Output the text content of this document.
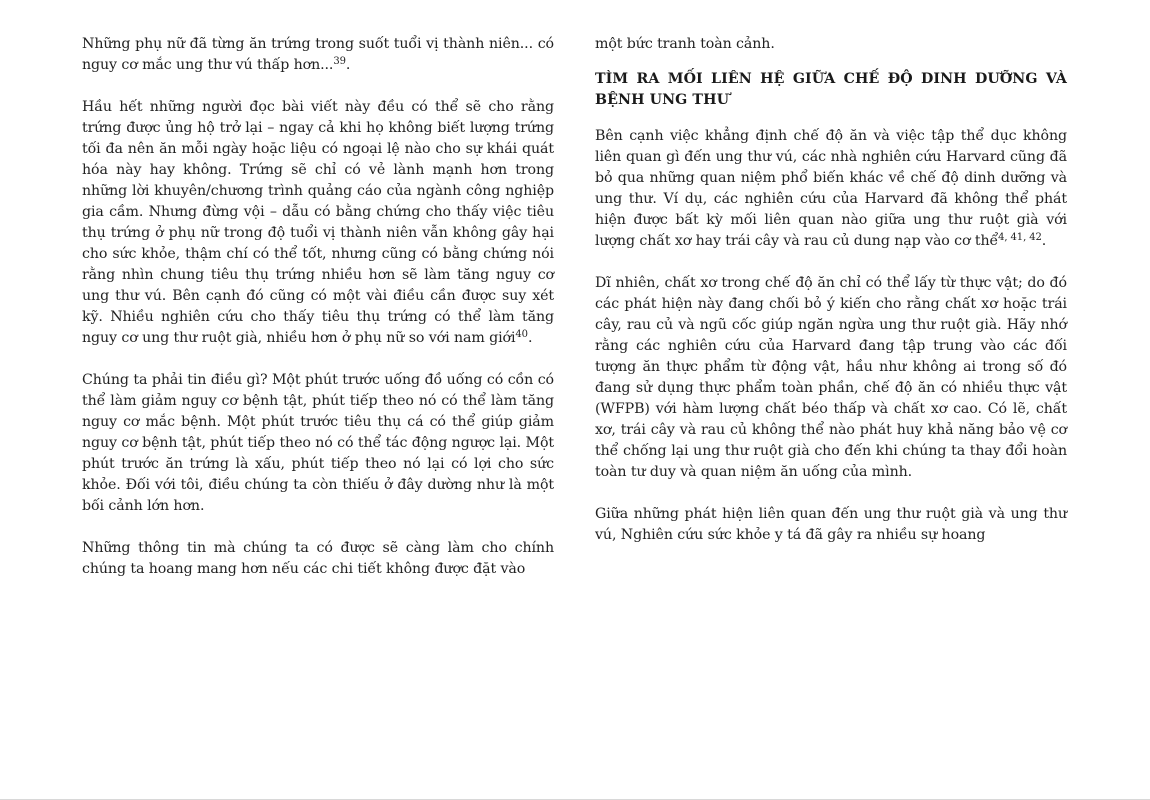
Những phụ nữ đã từng ăn trứng trong suốt tuổi vị thành niên... có nguy cơ mắc ung thư vú thấp hơn...$^{39}$.

Hầu hết những người đọc bài viết này đều có thể sẽ cho rằng trứng được ủng hộ trở lại – ngay cả khi họ không biết lượng trứng tối đa nên ăn mỗi ngày hoặc liệu có ngoại lệ nào cho sự khái quát hóa này hay không. Trứng sẽ chỉ có vẻ lành mạnh hơn trong những lời khuyên/chương trình quảng cáo của ngành công nghiệp gia cầm. Nhưng đừng vội – dẫu có bằng chứng cho thấy việc tiêu thụ trứng ở phụ nữ trong độ tuổi vị thành niên vẫn không gây hại cho sức khỏe, thậm chí có thể tốt, nhưng cũng có bằng chứng nói rằng nhìn chung tiêu thụ trứng nhiều hơn sẽ làm tăng nguy cơ ung thư vú. Bên cạnh đó cũng có một vài điều cần được suy xét kỹ. Nhiều nghiên cứu cho thấy tiêu thụ trứng có thể làm tăng nguy cơ ung thư ruột già, nhiều hơn ở phụ nữ so với nam giới$^{40}$.

Chúng ta phải tin điều gì? Một phút trước uống đồ uống có cồn có thể làm giảm nguy cơ bệnh tật, phút tiếp theo nó có thể làm tăng nguy cơ mắc bệnh. Một phút trước tiêu thụ cá có thể giúp giảm nguy cơ bệnh tật, phút tiếp theo nó có thể tác động ngược lại. Một phút trước ăn trứng là xấu, phút tiếp theo nó lại có lợi cho sức khỏe. Đối với tôi, điều chúng ta còn thiếu ở đây dường như là một bối cảnh lớn hơn.

Những thông tin mà chúng ta có được sẽ càng làm cho chính chúng ta hoang mang hơn nếu các chi tiết không được đặt vào

một bức tranh toàn cảnh.

TÌM RA MỐI LIÊN HỆ GIỮA CHẾ ĐỘ DINH DƯỠNG VÀ BỆNH UNG THƯ

Bên cạnh việc khẳng định chế độ ăn và việc tập thể dục không liên quan gì đến ung thư vú, các nhà nghiên cứu Harvard cũng đã bỏ qua những quan niệm phổ biến khác về chế độ dinh dưỡng và ung thư. Ví dụ, các nghiên cứu của Harvard đã không thể phát hiện được bất kỳ mối liên quan nào giữa ung thư ruột già với lượng chất xơ hay trái cây và rau củ dung nạp vào cơ thể$^{4, 41, 42}$.

Dĩ nhiên, chất xơ trong chế độ ăn chỉ có thể lấy từ thực vật; do đó các phát hiện này đang chối bỏ ý kiến cho rằng chất xơ hoặc trái cây, rau củ và ngũ cốc giúp ngăn ngừa ung thư ruột già. Hãy nhớ rằng các nghiên cứu của Harvard đang tập trung vào các đối tượng ăn thực phẩm từ động vật, hầu như không ai trong số đó đang sử dụng thực phẩm toàn phần, chế độ ăn có nhiều thực vật (WFPB) với hàm lượng chất béo thấp và chất xơ cao. Có lẽ, chất xơ, trái cây và rau củ không thể nào phát huy khả năng bảo vệ cơ thể chống lại ung thư ruột già cho đến khi chúng ta thay đổi hoàn toàn tư duy và quan niệm ăn uống của mình.

Giữa những phát hiện liên quan đến ung thư ruột già và ung thư vú, Nghiên cứu sức khỏe y tá đã gây ra nhiều sự hoang
